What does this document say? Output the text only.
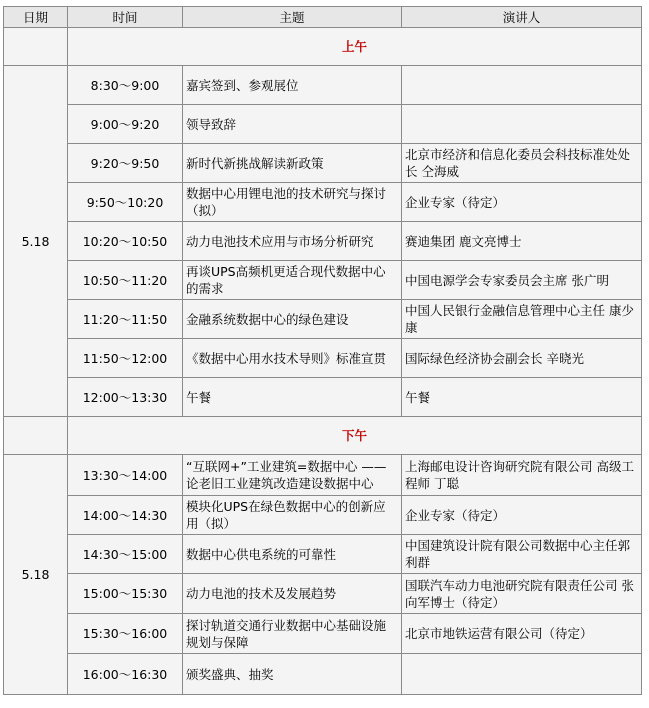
日期	时间	主题	演讲人
	上午		
5.18	8:30～9:00	嘉宾签到、参观展位	
	9:00～9:20	领导致辞	
	9:20～9:50	新时代新挑战解读新政策	北京市经济和信息化委员会科技标准处处长 仝海威
	9:50～10:20	数据中心用锂电池的技术研究与探讨（拟）	企业专家（待定）
	10:20～10:50	动力电池技术应用与市场分析研究	赛迪集团 鹿文亮博士
	10:50～11:20	再谈UPS高频机更适合现代数据中心的需求	中国电源学会专家委员会主席 张广明
	11:20～11:50	金融系统数据中心的绿色建设	中国人民银行金融信息管理中心主任 康少康
	11:50～12:00	《数据中心用水技术导则》标准宣贯	国际绿色经济协会副会长 辛晓光
	12:00～13:30	午餐	午餐
	下午		
5.18	13:30～14:00	“互联网+”工业建筑=数据中心 ——论老旧工业建筑改造建设数据中心	上海邮电设计咨询研究院有限公司 高级工程师 丁聪
	14:00～14:30	模块化UPS在绿色数据中心的创新应用（拟）	企业专家（待定）
	14:30～15:00	数据中心供电系统的可靠性	中国建筑设计院有限公司数据中心主任郭利群
	15:00～15:30	动力电池的技术及发展趋势	国联汽车动力电池研究院有限责任公司 张向军博士（待定）
	15:30～16:00	探讨轨道交通行业数据中心基础设施规划与保障	北京市地铁运营有限公司（待定）
	16:00～16:30	颁奖盛典、抽奖	
